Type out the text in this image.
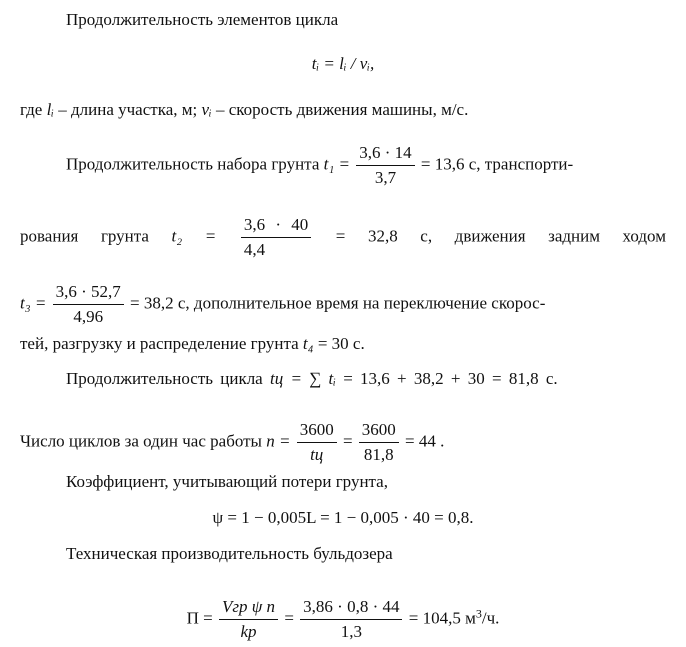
Продолжительность элементов цикла
tᵢ = lᵢ / vᵢ,
где lᵢ – длина участка, м; vᵢ – скорость движения машины, м/с.
Продолжительность набора грунта $t_1 = \frac{3,6 \cdot 14}{3,7} = 13,6$ с, транспорти-
рования грунта $t_2 = \frac{3,6 \cdot 40}{4,4} = 32,8$ с, движения задним ходом
$t_3 = \frac{3,6 \cdot 52,7}{4,96} = 38,2$ с, дополнительное время на переключение скорос-
тей, разгрузку и распределение грунта t₄ = 30 с.
Продолжительность цикла tц = ∑ tᵢ = 13,6 + 38,2 + 30 = 81,8 с.
Число циклов за один час работы $n = \frac{3600}{tц} = \frac{3600}{81,8} = 44$ .
Коэффициент, учитывающий потери грунта,
ψ = 1 − 0,005L = 1 − 0,005 · 40 = 0,8.
Техническая производительность бульдозера
$П = \frac{\text{Vгр ψ n}}{kр} = \frac{3,86 \cdot 0,8 \cdot 44}{1,3} = 104,5$ $м^3/ч$.
